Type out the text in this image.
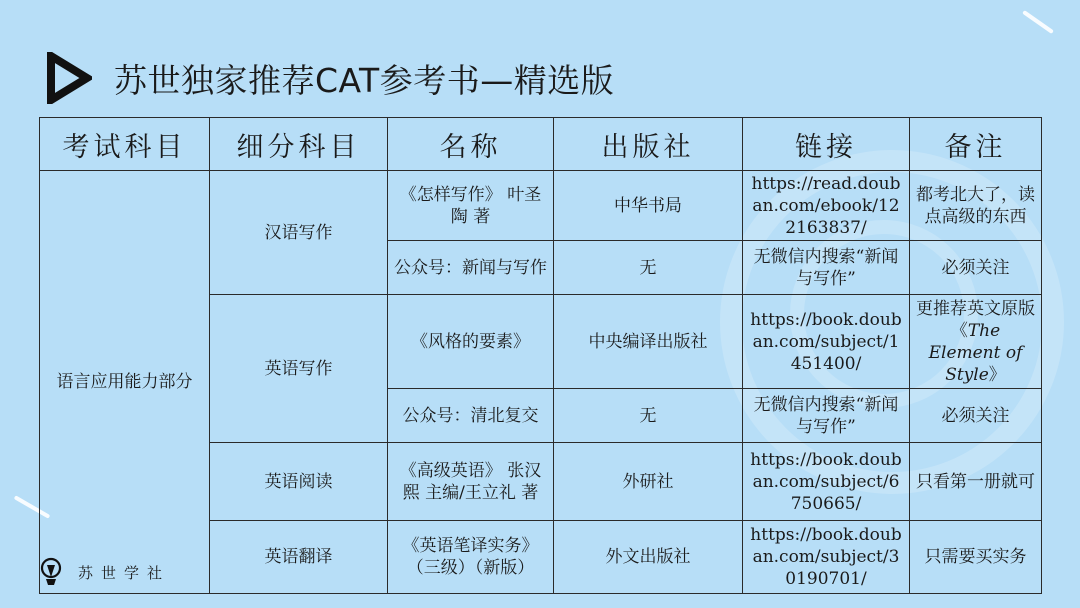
苏世独家推荐CAT参考书—精选版
考试科目	细分科目	名称	出版社	链接	备注
语言应用能力部分	汉语写作	《怎样写作》 叶圣陶 著	中华书局	https://read.douban.com/ebook/122163837/	都考北大了，读点高级的东西
		公众号：新闻与写作	无	无微信内搜索“新闻与写作”	必须关注
	英语写作	《风格的要素》	中央编译出版社	https://book.douban.com/subject/1451400/	更推荐英文原版《The Element of Style》
		公众号：清北复交	无	无微信内搜索“新闻与写作”	必须关注
	英语阅读	《高级英语》 张汉熙 主编/王立礼 著	外研社	https://book.douban.com/subject/6750665/	只看第一册就可
	英语翻译	《英语笔译实务》（三级）（新版）	外文出版社	https://book.douban.com/subject/30190701/	只需要买实务
苏世学社
